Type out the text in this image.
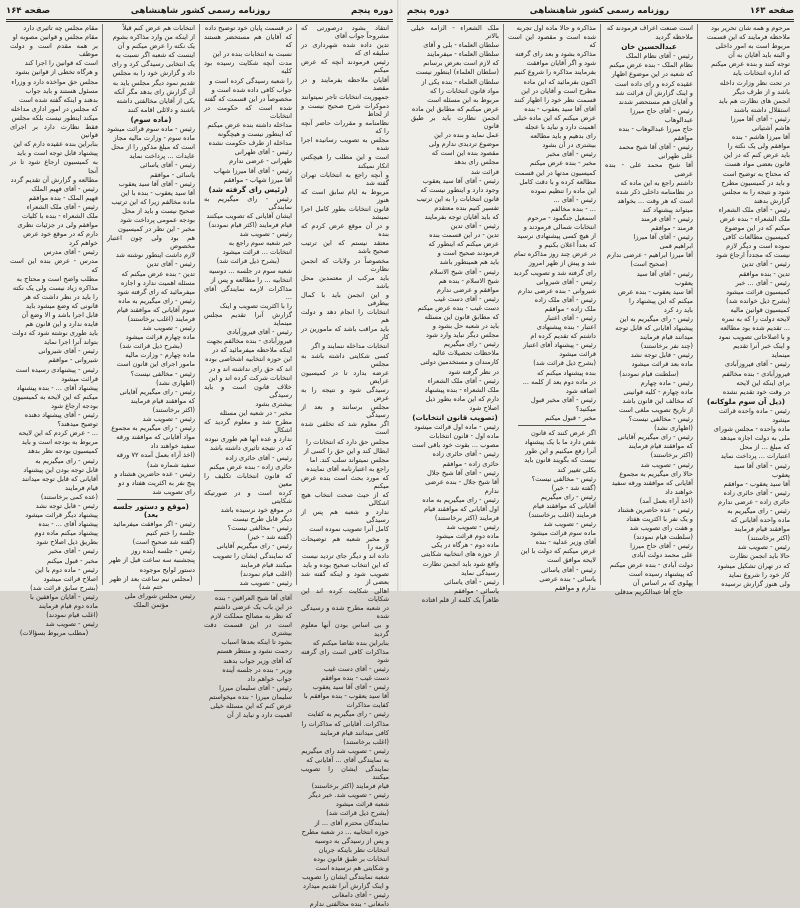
دوره پنجم
روزنامه رسمی کشور شاهنشاهی
صفحه ۱۶۴

انتقاد بشود درصورتی که مشروحاً جواب آقای

تدین داده شده شهرداری در سلیقه ای که

رئیس فرمودند آنچه که عرض میکنم

آقایان ملاحظه بفرمایند و در مقصد

جمهوریت انتخابات تاجر نمیتوانند

دموکرات شرح صحیح نیست و از لحاظ

نظامنامه و مقررات حاضر آنچه را که

مجلس به تصویب رسانیده اجرا شده

است و این مطلب را هیچکس انکار نمیکند

و آنچه راجع به انتخابات تهران گفته شد

مربوط به ایام سابق است که هنوز

قانون انتخابات بطور کامل اجرا نمیشد

و در آن موقع عرض کردم که بنده

معتقد نیستم که این ترتیب صحیح باشد

مخصوصاً در ولایات که انجمن نظارت

باید مرکب از معتمدین محل باشد

و این انجمن باید با کمال بیطرفی

انتخابات را انجام دهد و دولت هم

باید مراقب باشد که مامورین در کار

انتخابات مداخله ننمایند و اگر

کسی شکایتی داشته باشد به مجلس

عرضه بدارد تا در کمیسیون عرایض

رسیدگی شود و نتیجه را به عرض

مجلس برسانند و بعد از رسیدگی

اگر معلوم شد که تخلفی شده است

مجلس حق دارد که انتخابات را

ابطال کند و این حق را کسی از

مجلس نمیتواند سلب کند. اما

راجع به اعتبارنامه آقای نماینده

که مورد بحث است بنده عرض میکنم

که از حیث صحت انتخاب هیچ اشکالی

ندارد و شعبه هم پس از رسیدگی

کامل آنرا تصویب نموده است

و مخبر شعبه هم توضیحات لازمه را

داده اند و دیگر جای تردید نیست

که این انتخاب صحیح بوده و باید

تصویب شود و اینکه گفته شد بعضی از

اهالی شکایت کرده اند این شکایات

در شعبه مطرح شده و رسیدگی شده

و بی اساس بودن آنها معلوم گردید

بنابراین بنده تقاضا میکنم که

مذاکرات کافی است رای گرفته شود

رئیس - آقای دست غیب

دست غیب - بنده موافقم

رئیس - آقای آقا سید یعقوب

آقا سید یعقوب - بنده موافقم با

کفایت مذاکرات

رئیس - رای میگیریم به کفایت

مذاکرات. آقایانی که مذاکرات را

کافی میدانند قیام فرمایند

(اغلب برخاستند)

رئیس - تصویب شد رای میگیریم

به نمایندگی آقای ... آقایانی که

نمایندگی ایشان را تصویب میکنند

قیام فرمایند (اکثر برخاستند)

رئیس - تصویب شد. خبر دیگر

شعبه قرائت میشود

(بشرح ذیل قرائت شد)

نمایندگان محترم آقای ... از

حوزه انتخابیه ... در شعبه مطرح

و پس از رسیدگی به دوسیه

انتخابات نظر باینکه جریان

انتخابات بر طبق قانون بوده

و شکایتی هم نرسیده است

شعبه نمایندگی ایشان را تصویب

و اینک گزارش آنرا تقدیم میدارد

رئیس - آقای دامغانی

دامغانی - بنده مخالفتی ندارم

در قسمت پایان خود توضیح داده

که آقایان هم مستحضر هستند که

نسبت به انتخابات بنده در این

مدت آنچه شکایت رسیده بود کلیه

را شعبه رسیدگی کرده است و

جواب کافی داده شده است و

مخصوصاً در این قسمت که گفته

شده است که حکومت در انتخابات

مداخله داشته بنده عرض میکنم

که اینطور نیست و هیچگونه

مداخله از طرف حکومت نشده

رئیس - آقای طهرانی

طهرانی - عرضی ندارم

رئیس - آقای آقا میرزا شهاب

آقا میرزا شهاب - موافقم

(رئیس رای گرفته شد)

رئیس - رای میگیریم به نمایندگی

ایشان آقایانی که تصویب میکنند

قیام فرمایند (اکثر قیام نمودند)

رئیس - تصویب شد

خبر شعبه سوم راجع به

انتخابات ... قرائت میشود

(بشرح ذیل قرائت شد)

شعبه سوم در جلسه ... دوسیه

انتخابیه ... را مطالعه و پس از

مذاکرات لازمه نمایندگی آقای ...

را با اکثریت تصویب و اینک

گزارش آنرا تقدیم مجلس مینماید

رئیس - آقای فیروزآبادی

فیروزآبادی - بنده مخالفم بجهت

اینکه ملاحظه میفرمائید که در

این حوزه انتخابیه اشخاصی بوده

اند که حق رای نداشته اند و در

انتخابات شرکت کرده اند و این

خلاف قانون است و باید رسیدگی

بیشتری بشود

مخبر - در شعبه این مسئله

مطرح شد و معلوم گردید که اشکال

ندارد و عده آنها هم طوری نبوده

که در نتیجه تاثیری داشته باشد

رئیس - آقای حائری زاده

حائری زاده - بنده عرض میکنم

که قانون انتخابات تکلیف را معین

کرده است و در صورتیکه شکایتی

در موقع خود نرسیده باشد

دیگر قابل طرح نیست

رئیس - مخالفی نیست؟

(گفته شد - خیر)

رئیس - رای میگیریم آقایانی

که نمایندگی ایشان را تصویب

میکنند قیام فرمایند

(اغلب قیام نمودند)

رئیس - تصویب شد

آقای آقا شیخ العراقین - بنده

در این باب یک عرضی داشتم

که نظر به مصالح مملکت لازم

است در این قسمت دقت بیشتری

بشود تا اینکه بعدها اسباب

زحمت نشود و منتظر هستم

که آقای وزیر جواب بدهند

وزیر - بنده در جلسه آینده

جواب خواهم داد

رئیس - آقای سلیمان میرزا

سلیمان میرزا - بنده میخواستم

عرض کنم که این مسئله خیلی

اهمیت دارد و نباید از آن

انتخابات هم عرض کنم قبلاً

از اینکه من وارد مذاکره بشوم

یک نکته را عرض میکنم و آن

اینست که شعبه اگر نسبت به

یک انتخابی رسیدگی کرد و رای

داد و گزارش خود را به مجلس

تقدیم نمود دیگر مجلس باید به

آن گزارش رای بدهد مگر آنکه

یکی از آقایان مخالفتی داشته

باشند و دلائلی اقامه کنند

(ماده سوم)

رئیس - ماده سوم قرائت میشود

ماده سوم - وزارت مالیه مجاز

است که مبلغ مذکور را از محل

عایدات ... پرداخت نماید

رئیس - آقای یاسائی

یاسائی - موافقم

رئیس - آقای آقا سید یعقوب

آقا سید یعقوب - بنده با این

ماده مخالفم زیرا که این ترتیب

صحیح نیست و باید از محل

بودجه عمومی پرداخت شود

مخبر - این نظر در کمیسیون

هم بود ولی چون اعتبار مخصوص

لازم داشت اینطور نوشته شد

رئیس - آقای تدین

تدین - بنده عرض میکنم که

مسئله اهمیت ندارد و اجازه

میفرمائید که رای گرفته شود

رئیس - رای میگیریم به ماده

سوم آقایانی که موافقند قیام

فرمایند (اغلب برخاستند)

رئیس - تصویب شد

ماده چهارم قرائت میشود

(بشرح ذیل قرائت شد)

ماده چهارم - وزارت مالیه

مامور اجرای این قانون است

رئیس - مخالفی نیست؟

(اظهاری نشد)

رئیس - رای میگیریم آقایانی

که موافقند قیام فرمایند

(اکثر برخاستند)

رئیس - تصویب شد

رئیس - رای میگیریم به مجموع

مواد آقایانی که موافقند ورقه

سفید خواهند داد

(اخذ آراء بعمل آمده ۷۲ ورقه

سفید شماره شد)

رئیس - عده حاضرین هشتاد و

پنج نفر به اکثریت هفتاد و دو

رای تصویب شد

(موقع و دستور جلسه بعد)

رئیس - اگر موافقت میفرمائید

جلسه را ختم کنیم

(گفته شد صحیح است)

رئیس - جلسه آینده روز

پنجشنبه سه ساعت قبل از ظهر

دستور لوایح موجوده

(مجلس نیم ساعت بعد از ظهر ختم شد)

رئیس مجلس شورای ملی

مؤتمن الملک

مقام مجلس چه تاثیری دارد

مقام مجلس و قوانین مصوبه او

بر همه مقدم است و دولت موظف

است که قوانین را اجرا کند

و هرگاه تخطی از قوانین بشود

مجلس حق مواخذه دارد و وزراء

مسئول هستند و باید جواب

بدهند و اینکه گفته شده است

که مجلس در امور اداری مداخله

میکند اینطور نیست بلکه مجلس

فقط نظارت دارد بر اجرای قوانین

بنابراین بنده عقیده دارم که این

پیشنهاد قابل توجه است و باید

به کمیسیون ارجاع شود تا در آنجا

مطالعه و گزارش آن تقدیم گردد

رئیس - آقای فهیم الملک

فهیم الملک - بنده موافقم

رئیس - آقای ملک الشعراء

ملک الشعراء - بنده با کلیات

موافقم ولی در جزئیات نظری

دارم که در موقع خود عرض

خواهم کرد

رئیس - آقای مدرس

مدرس - عرض بنده این است که

مطلب واضح است و محتاج به

مذاکره زیاد نیست ولی یک نکته

را باید در نظر داشت که هر

قانونی که وضع میشود باید

قابل اجرا باشد و الا وضع آن

فایده ندارد و این قانون هم

باید طوری نوشته شود که دولت

بتواند آنرا اجرا نماید

رئیس - آقای شیروانی

شیروانی - موافقم

رئیس - پیشنهادی رسیده است

قرائت میشود

پیشنهاد آقای ... - بنده پیشنهاد

میکنم که این لایحه به کمیسیون

بودجه ارجاع شود

رئیس - آقای پیشنهاد دهنده

توضیح میدهند؟

... - عرض کردم که این لایحه

مربوط به بودجه است و باید

کمیسیون بودجه نظر بدهد

رئیس - رای میگیریم به

قابل توجه بودن این پیشنهاد

آقایانی که قابل توجه میدانند

قیام فرمایند

(عده کمی برخاستند)

رئیس - قابل توجه نشد

پیشنهاد دیگر قرائت میشود

پیشنهاد آقای ... - بنده

پیشنهاد میکنم ماده دوم

بطریق ذیل اصلاح شود

رئیس - آقای مخبر

مخبر - قبول میکنم

رئیس - ماده دوم با این

اصلاح قرائت میشود

(بشرح سابق قرائت شد)

رئیس - آقایان موافقین با

ماده دوم قیام فرمایند

(اغلب قیام نمودند)

رئیس - تصویب شد

(مطلب مربوط بسؤالات)
صفحه ۱۶۳
روزنامه رسمی کشور شاهنشاهی
دوره پنجم

مرحوم و همه شان تحریر بود

ملاحظه فرمایند که این قسمت

مربوط است به امور داخلی

و البته باید آقایان به آن

توجه کنند و بنده عرض میکنم

که اداره انتخابات باید

در تحت نظر وزارت داخله

باشد و از طرف دیگر

انجمن های نظارت هم باید

استقلال داشته باشند

رئیس - آقای آقا میرزا

هاشم آشتیانی

آقا میرزا هاشم - بنده

موافقم ولی یک نکته را

باید عرض کنم که در این

قانون بعضی مواد هست

که محتاج به توضیح است

و باید در کمیسیون مطرح

شود و نتیجه را به مجلس

گزارش بدهند

رئیس - آقای ملک الشعراء

ملک الشعراء - بنده عرض

میکنم که در این موضوع

کمیسیون مطالعات کافی

نموده است و دیگر لازم

نیست که مجدداً ارجاع شود

رئیس - آقای تدین

تدین - بنده موافقم

رئیس - آقای ... خبر

کمیسیون قرائت میشود

(بشرح ذیل خوانده شد)

کمیسیون قوانین مالیه

لایحه دولت را که به نمره

... تقدیم شده بود مطالعه

و با اصلاحاتی تصویب نمود

و اینک خبر آنرا تقدیم

مینماید

رئیس - آقای فیروزآبادی

فیروزآبادی - بنده مخالفم

برای اینکه این لایحه

در وقت خود تقدیم نشده

(ذیل آن سوم ملوکانه)

رئیس - ماده واحده قرائت

میشود

ماده واحده - مجلس شورای

ملی به دولت اجازه میدهد

که مبلغ ... از محل

اعتبارات ... پرداخت نماید

رئیس - آقای آقا سید

یعقوب

آقا سید یعقوب - موافقم

رئیس - آقای حائری زاده

حائری زاده - عرضی ندارم

رئیس - رای میگیریم به

ماده واحده آقایانی که

موافقند قیام فرمایند

(اکثر برخاستند)

رئیس - تصویب شد

حالا باید انجمن نظارت

که در تهران تشکیل میشود

کار خود را شروع نماید

ولی هنوز گزارش نرسیده

است صنعت اعراف فرمودند که

ملاحظه گردید

عبدالحسین خان

رئیس - آقای نظام الملک

نظام الملک - بنده عرض میکنم

که شعبه در این موضوع اظهار

عقیده کرده و رای داده است

و اینک گزارش آن قرائت شد

و آقایان هم مستحضر شدند

رئیس - آقای حاج میرزا

عبدالوهاب

حاج میرزا عبدالوهاب - بنده

موافقم

رئیس - آقای آقا شیخ محمد

علی طهرانی

آقا شیخ محمد علی - بنده عرضی

داشتم راجع به این ماده که

در نظامنامه داخلی ذکر شده

است که هر وقت ... بخواهد

میتواند پیشنهاد کند

رئیس - آقای فرمند

فرمند - موافقم

رئیس - آقای آقا میرزا

ابراهیم قمی

آقا میرزا ابراهیم - عرضی ندارم

(صحیح است)

رئیس - آقای آقا سید

یعقوب

آقا سید یعقوب - بنده عرض

میکنم که این پیشنهاد را

باید رد کرد

رئیس - رای میگیریم به این

پیشنهاد آقایانی که قابل توجه

میدانند قیام فرمایند

(چند نفر برخاستند)

رئیس - قابل توجه نشد

ماده بعد قرائت میشود

(سلطنت قیام نمودند)

رئیس - ماده چهارم

ماده چهارم - کلیه قوانینی

که مخالف این قانون باشد

از تاریخ تصویب ملغی است

رئیس - مخالفی نیست؟

(اظهاری نشد)

رئیس - رای میگیریم آقایانی

که موافقند قیام فرمایند

(اکثر برخاستند)

رئیس - تصویب شد

حالا رای میگیریم به مجموع

آقایانی که موافقند ورقه سفید

خواهند داد

(اخذ آراء بعمل آمد)

رئیس - عده حاضرین هشتاد

و یک نفر با اکثریت هفتاد

و هفت رای تصویب شد

(سلطنت قیام نمودند)

رئیس - آقای حاج میرزا

علی محمد دولت آبادی

دولت آبادی - بنده عرض میکنم

که پیشنهاد رسیده است

پهلوی که بر اساس آن

حاج آقا عبدالکریم مدقلی

مذاکره و حالا ماده اول تجربه

شده است و مقصود این است که

مذاکره بشود و بعد رای گرفته

شود و اگر آقایان موافقت

بفرمایند مذاکره را شروع کنیم

اکنون بفرمائید که این ماده

مطرح است و آقایان در این

قسمت نظر خود را اظهار کنند

آقای آقا سید یعقوب - بنده

عرض میکنم که این ماده خیلی

اهمیت دارد و نباید با عجله

رای بدهیم و باید مطالعه

بیشتری در آن بشود

رئیس - آقای مخبر

مخبر - بنده عرض میکنم

کمیسیون مدتها در این قسمت

مطالعه کرده و با دقت کامل

این ماده را تنظیم نموده

رئیس - آقای ...

... - بنده مخالفم

اسمعیل جنگمود - مرحوم

انتخابات شمالی فرمودند و

از هیچ کسی پیشنهادی نرسید

که بعداً اعلان بکنیم و

در عرض چند روز مذاکره تمام

شد و پیش از ظهر امروز

رای گرفته شد و تصویب گردید

رئیس - آقای شیروانی

شیروانی - بنده عرضی ندارم

رئیس - آقای ملک زاده

ملک زاده - موافقم

رئیس - آقای اعتبار

اعتبار - بنده پیشنهادی

داشتم که تقدیم کرده ام

رئیس - پیشنهاد آقای اعتبار

قرائت میشود

(بشرح ذیل قرائت شد)

بنده پیشنهاد میکنم که

در ماده دوم بعد از کلمه ...

اضافه شود

رئیس - آقای مخبر قبول

میکنید؟

مخبر - قبول میکنم

اگر عرض کنند که قانون

نقص دارد ما با یک پیشنهاد

آنرا رفع میکنیم و این طور

نیست که بگویند قانون باید

بکلی تغییر کند

رئیس - مخالفی نیست؟

(گفته شد - خیر)

رئیس - رای میگیریم

آقایانی که موافقند قیام

فرمایند (اغلب برخاستند)

رئیس - تصویب شد

ماده سوم قرائت میشود

آقای وزیر عدلیه - بنده

عرض میکنم که دولت با این

لایحه موافق است

رئیس - آقای یاسائی

یاسائی - بنده عرضی

ندارم و موافقم

ملک الشعراء - الزامه خیلی بالاتر

سلطان العلماء - بلی و آقای

سلطان العلماء - میفرمایند

که لازم است بعرض برسانم

(سلطان العلماء) اینطور نیست

سلطان العلماء - بنده یکی از

مواد قانون انتخابات را که

مربوط به این مسئله است

عرض میکنم که مطابق این ماده

انجمن نظارت باید بر طبق قانون

عمل نماید و بنده در این

موضوع تردیدی ندارم ولی

مقصود بنده این است که

مجلس رای بدهد

قرائت شد

رئیس - آقای آقا سید یعقوب

وجود دارد و اینطور نیست که

قانون انتخابات را به این ترتیب

تفسیر کنیم بنده معتقدم

که باید آقایان توجه بفرمایند

رئیس - آقای تدین

تدین - در این قسمت بنده

عرض میکنم که اینطور که

فرمودند صحیح است و

باید هم همینطور باشد

رئیس - آقای شیخ الاسلام

شیخ الاسلام - بنده هم

موافقم و عرضی ندارم

رئیس - آقای دست غیب

دست غیب - بنده عرض میکنم

که مطابق قانون این مسئله

باید در شعبه حل بشود و

مجلس دیگر نباید وارد شود

رئیس - رای میگیریم

ملاحظات تحصیلات عالیه

کارمندان و مستخدمین دولتی

در نظر گرفته شود

رئیس - آقای ملک الشعراء

ملک الشعراء - بنده پیشنهاد

دارم که این ماده بطور ذیل

اصلاح شود

(تصویب قانون انتخابات)

رئیس - ماده اول قرائت میشود

ماده اول - قانون انتخابات

مصوب ... بقوت خود باقی است

رئیس - آقای حائری زاده

حائری زاده - موافقم

رئیس - آقای آقا شیخ جلال

آقا شیخ جلال - بنده عرضی

ندارم

رئیس - رای میگیریم به ماده

اول آقایانی که موافقند قیام

فرمایند (اکثر برخاستند)

رئیس - تصویب شد

ماده دوم قرائت میشود

ماده دوم - هرگاه در یکی

از حوزه های انتخابیه شکایتی

واقع شود باید انجمن نظارت

رسیدگی نماید

رئیس - آقای یاسائی

یاسائی - موافقم

ظاهراً یک کلمه از قلم افتاده
